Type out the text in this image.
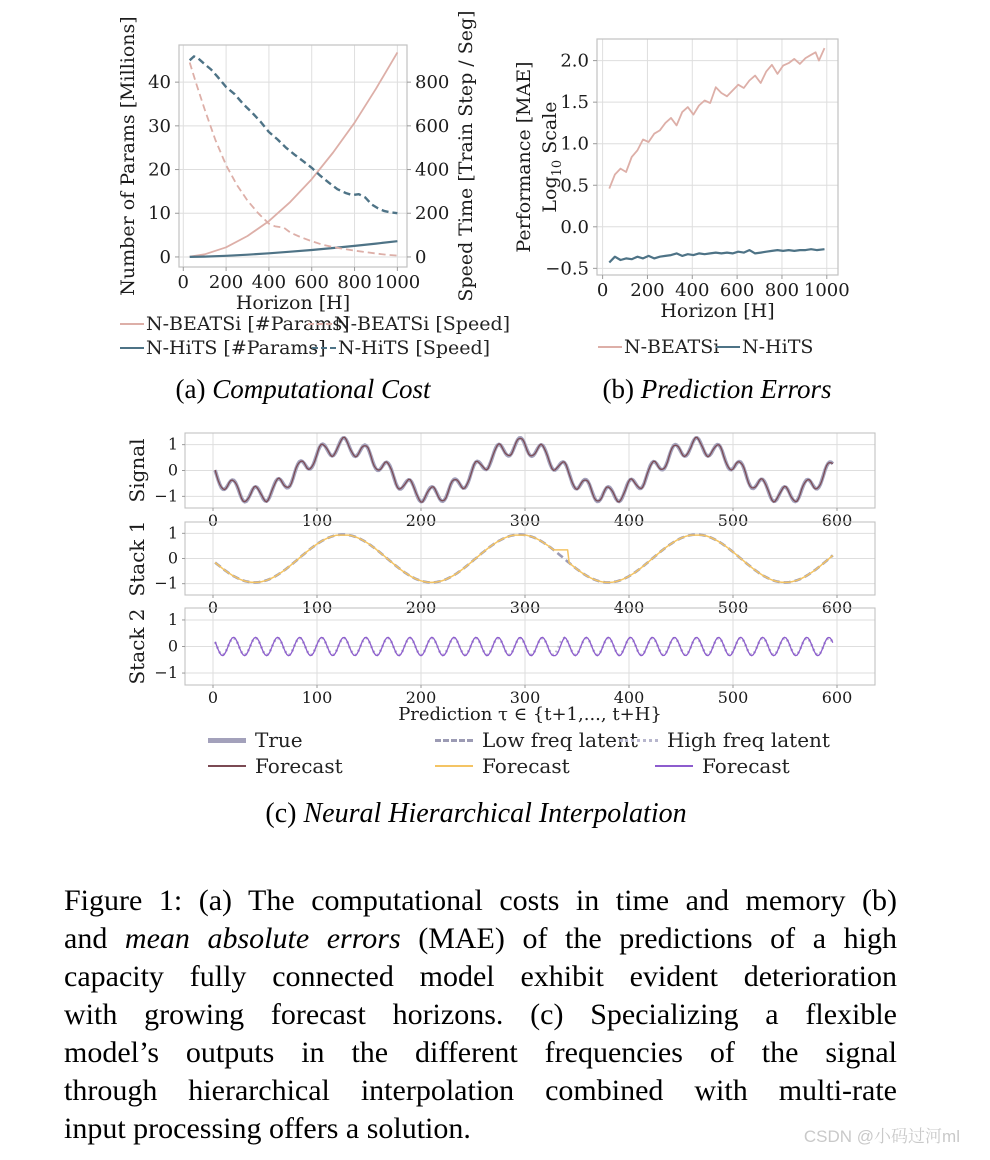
0 200 400 600 800 1000
0
10
20
30
40
0
200
400
600
800
Horizon [H]
Number of Params [Millions]	Speed Time [Train Step / Seg]	0 200 400 600 800 1000
−0.5
0.0
0.5
1.0
1.5
2.0
Horizon [H]
Performance [MAE] Log$_{10}$ Scale
N-BEATSi [#Params]
N-BEATSi [Speed]
N-HiTS [#Params] N-HiTS [Speed]	N-BEATSi N-HiTS
(a) Computational Cost	(b) Prediction Errors
0	100	200	300	400	500	600
1
0
−1
Signal
0	100	200	300	400	500	600
1
0
−1
Stack 1
0	100	200	300	400	500	600
1
0
−1
Stack 2
Prediction τ ∈ {t+1,..., t+H}
True	Low freq latent High freq latent
Forecast	Forecast	Forecast
(c) Neural Hierarchical Interpolation
Figure 1: (a) The computational costs in time and memory (b)
and mean absolute errors (MAE) of the predictions of a high
capacity fully connected model exhibit evident deterioration
with growing forecast horizons. (c) Specializing a flexible
model’s outputs in the different frequencies of the signal
through hierarchical interpolation combined with multi-rate
input processing offers a solution.	CSDN @小码过河ml
